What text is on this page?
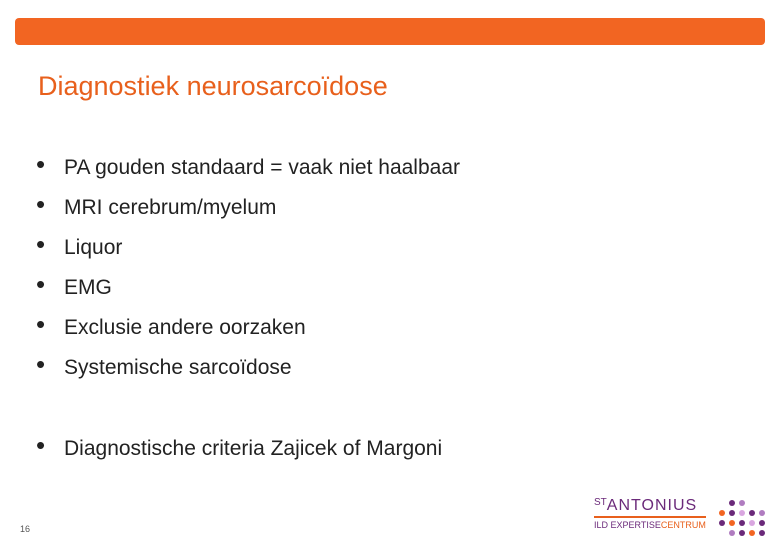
Diagnostiek neurosarcoïdose
• PA gouden standaard = vaak niet haalbaar
• MRI cerebrum/myelum
• Liquor
• EMG
• Exclusie andere oorzaken
• Systemische sarcoïdose
• Diagnostische criteria Zajicek of Margoni
16
$^{ST}$ANTONIUS
ILD EXPERTISECENTRUM
